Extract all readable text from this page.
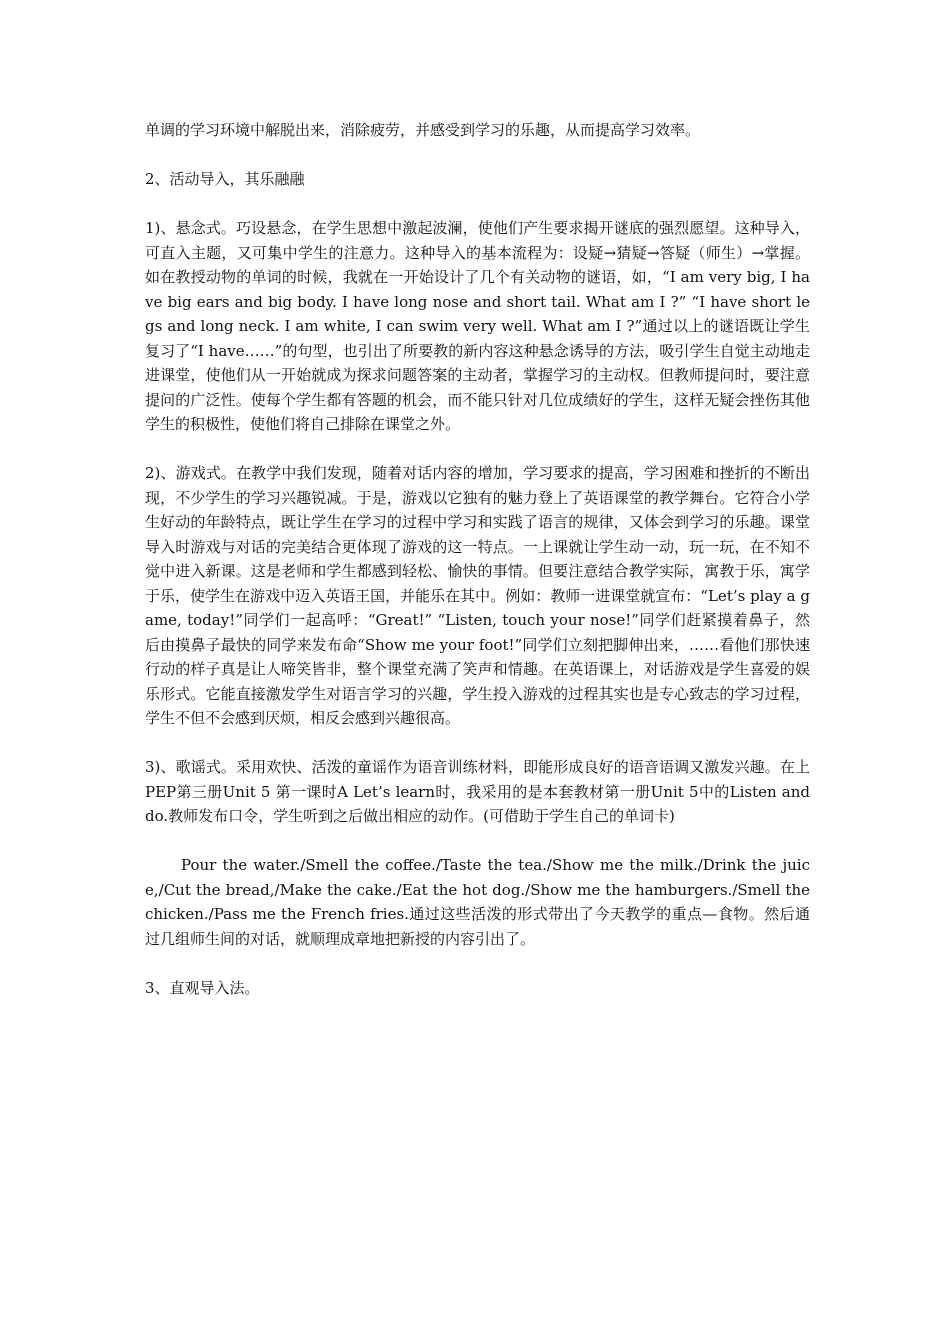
单调的学习环境中解脱出来，消除疲劳，并感受到学习的乐趣，从而提高学习效率。

2、活动导入，其乐融融

1)、悬念式。巧设悬念，在学生思想中激起波澜，使他们产生要求揭开谜底的强烈愿望。这种导入，可直入主题，又可集中学生的注意力。这种导入的基本流程为：设疑→猜疑→答疑（师生）→掌握。如在教授动物的单词的时候，我就在一开始设计了几个有关动物的谜语，如，“I am very big, I have big ears and big body. I have long nose and short tail. What am I ?” “I have short legs and long neck. I am white, I can swim very well. What am I ?”通过以上的谜语既让学生复习了“I have……”的句型，也引出了所要教的新内容这种悬念诱导的方法，吸引学生自觉主动地走进课堂，使他们从一开始就成为探求问题答案的主动者，掌握学习的主动权。但教师提问时，要注意提问的广泛性。使每个学生都有答题的机会，而不能只针对几位成绩好的学生，这样无疑会挫伤其他学生的积极性，使他们将自己排除在课堂之外。

2)、游戏式。在教学中我们发现，随着对话内容的增加，学习要求的提高，学习困难和挫折的不断出现，不少学生的学习兴趣锐减。于是，游戏以它独有的魅力登上了英语课堂的教学舞台。它符合小学生好动的年龄特点，既让学生在学习的过程中学习和实践了语言的规律，又体会到学习的乐趣。课堂导入时游戏与对话的完美结合更体现了游戏的这一特点。一上课就让学生动一动，玩一玩，在不知不觉中进入新课。这是老师和学生都感到轻松、愉快的事情。但要注意结合教学实际，寓教于乐，寓学于乐，使学生在游戏中迈入英语王国，并能乐在其中。例如：教师一进课堂就宣布：“Let’s play a game, today!”同学们一起高呼：“Great!” “Listen, touch your nose!”同学们赶紧摸着鼻子，然后由摸鼻子最快的同学来发布命“Show me your foot!”同学们立刻把脚伸出来，……看他们那快速行动的样子真是让人啼笑皆非，整个课堂充满了笑声和情趣。在英语课上，对话游戏是学生喜爱的娱乐形式。它能直接激发学生对语言学习的兴趣，学生投入游戏的过程其实也是专心致志的学习过程，学生不但不会感到厌烦，相反会感到兴趣很高。

3)、歌谣式。采用欢快、活泼的童谣作为语音训练材料，即能形成良好的语音语调又激发兴趣。在上PEP第三册Unit 5 第一课时A Let’s learn时，我采用的是本套教材第一册Unit 5中的Listen and do.教师发布口令，学生听到之后做出相应的动作。(可借助于学生自己的单词卡)

Pour the water./Smell the coffee./Taste the tea./Show me the milk./Drink the juice,/Cut the bread,/Make the cake./Eat the hot dog./Show me the hamburgers./Smell the chicken./Pass me the French fries.通过这些活泼的形式带出了今天教学的重点—食物。然后通过几组师生间的对话，就顺理成章地把新授的内容引出了。

3、直观导入法。
